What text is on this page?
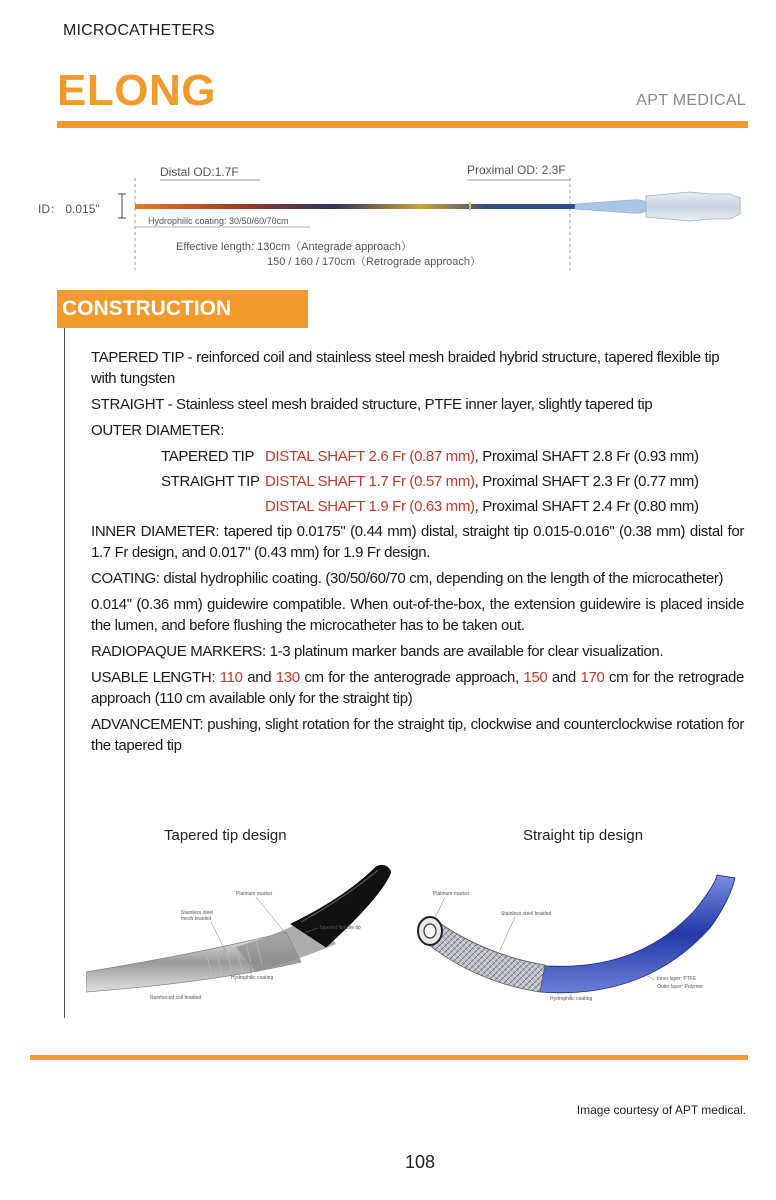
MICROCATHETERS
ELONG	APT MEDICAL
Distal OD:1.7F	Proximal OD: 2.3F
ID： 0.015"
Hydrophilic coating: 30/50/60/70cm
Effective length: 130cm（Antegrade approach）
150 / 160 / 170cm（Retrograde approach）
CONSTRUCTION

TAPERED TIP - reinforced coil and stainless steel mesh braided hybrid structure, tapered flexible tip with tungsten

STRAIGHT - Stainless steel mesh braided structure, PTFE inner layer, slightly tapered tip

OUTER DIAMETER:

TAPERED TIP DISTAL SHAFT 2.6 Fr (0.87 mm), Proximal SHAFT 2.8 Fr (0.93 mm)
STRAIGHT TIP DISTAL SHAFT 1.7 Fr (0.57 mm), Proximal SHAFT 2.3 Fr (0.77 mm)
DISTAL SHAFT 1.9 Fr (0.63 mm), Proximal SHAFT 2.4 Fr (0.80 mm)

INNER DIAMETER: tapered tip 0.0175" (0.44 mm) distal, straight tip 0.015-0.016" (0.38 mm) distal for 1.7 Fr design, and 0.017" (0.43 mm) for 1.9 Fr design.

COATING: distal hydrophilic coating. (30/50/60/70 cm, depending on the length of the microcatheter)

0.014" (0.36 mm) guidewire compatible. When out-of-the-box, the extension guidewire is placed inside the lumen, and before flushing the microcatheter has to be taken out.

RADIOPAQUE MARKERS: 1-3 platinum marker bands are available for clear visualization.

USABLE LENGTH: 110 and 130 cm for the anterograde approach, 150 and 170 cm for the retrograde approach (110 cm available only for the straight tip)

ADVANCEMENT: pushing, slight rotation for the straight tip, clockwise and counterclockwise rotation for the tapered tip

Tapered tip design	Straight tip design
Platinum marker
Stainless steel
mesh braided
Tapered flexible tip
Hydrophilic coating
Reinforced coil braided
Platinum marker
Stainless steel braided
Inner layer: PTFE
Outer layer: Polymer
Hydrophilic coating
Image courtesy of APT medical.
108
